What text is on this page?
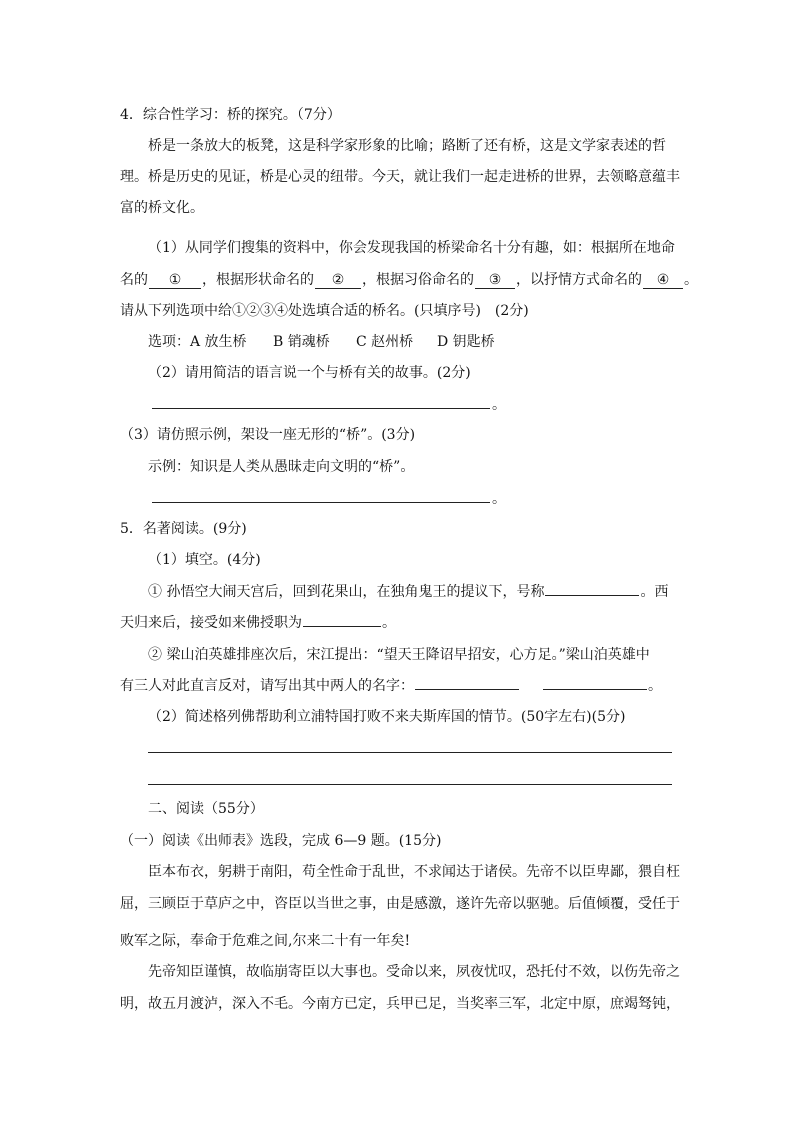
4．综合性学习：桥的探究。（7分）
桥是一条放大的板凳，这是科学家形象的比喻；路断了还有桥，这是文学家表述的哲
理。桥是历史的见证，桥是心灵的纽带。今天，就让我们一起走进桥的世界，去领略意蕴丰
富的桥文化。
（1）从同学们搜集的资料中，你会发现我国的桥梁命名十分有趣，如：根据所在地命
名的 ① ，根据形状命名的 ② ，根据习俗命名的 ③ ，以抒情方式命名的 ④ 。
请从下列选项中给①②③④处选填合适的桥名。(只填序号)　(2分)
选项：A 放生桥 B 销魂桥 C 赵州桥 D 钥匙桥
（2）请用简洁的语言说一个与桥有关的故事。(2分)
。
（3）请仿照示例，架设一座无形的“桥”。(3分)
示例：知识是人类从愚昧走向文明的“桥”。
。
5．名著阅读。(9分)
（1）填空。(4分)
① 孙悟空大闹天宫后，回到花果山，在独角鬼王的提议下，号称	。西
天归来后，接受如来佛授职为	。
② 梁山泊英雄排座次后，宋江提出：“望天王降诏早招安，心方足。”梁山泊英雄中
有三人对此直言反对，请写出其中两人的名字：	。
（2）简述格列佛帮助利立浦特国打败不来夫斯库国的情节。(50字左右)(5分)
二、阅读（55分）
（一）阅读《出师表》选段，完成 6—9 题。(15分)
臣本布衣，躬耕于南阳，苟全性命于乱世，不求闻达于诸侯。先帝不以臣卑鄙，猥自枉
屈，三顾臣于草庐之中，咨臣以当世之事，由是感激，遂许先帝以驱驰。后值倾覆，受任于
败军之际，奉命于危难之间,尔来二十有一年矣!
先帝知臣谨慎，故临崩寄臣以大事也。受命以来，夙夜忧叹，恐托付不效，以伤先帝之
明，故五月渡泸，深入不毛。今南方已定，兵甲已足，当奖率三军，北定中原，庶竭驽钝，
